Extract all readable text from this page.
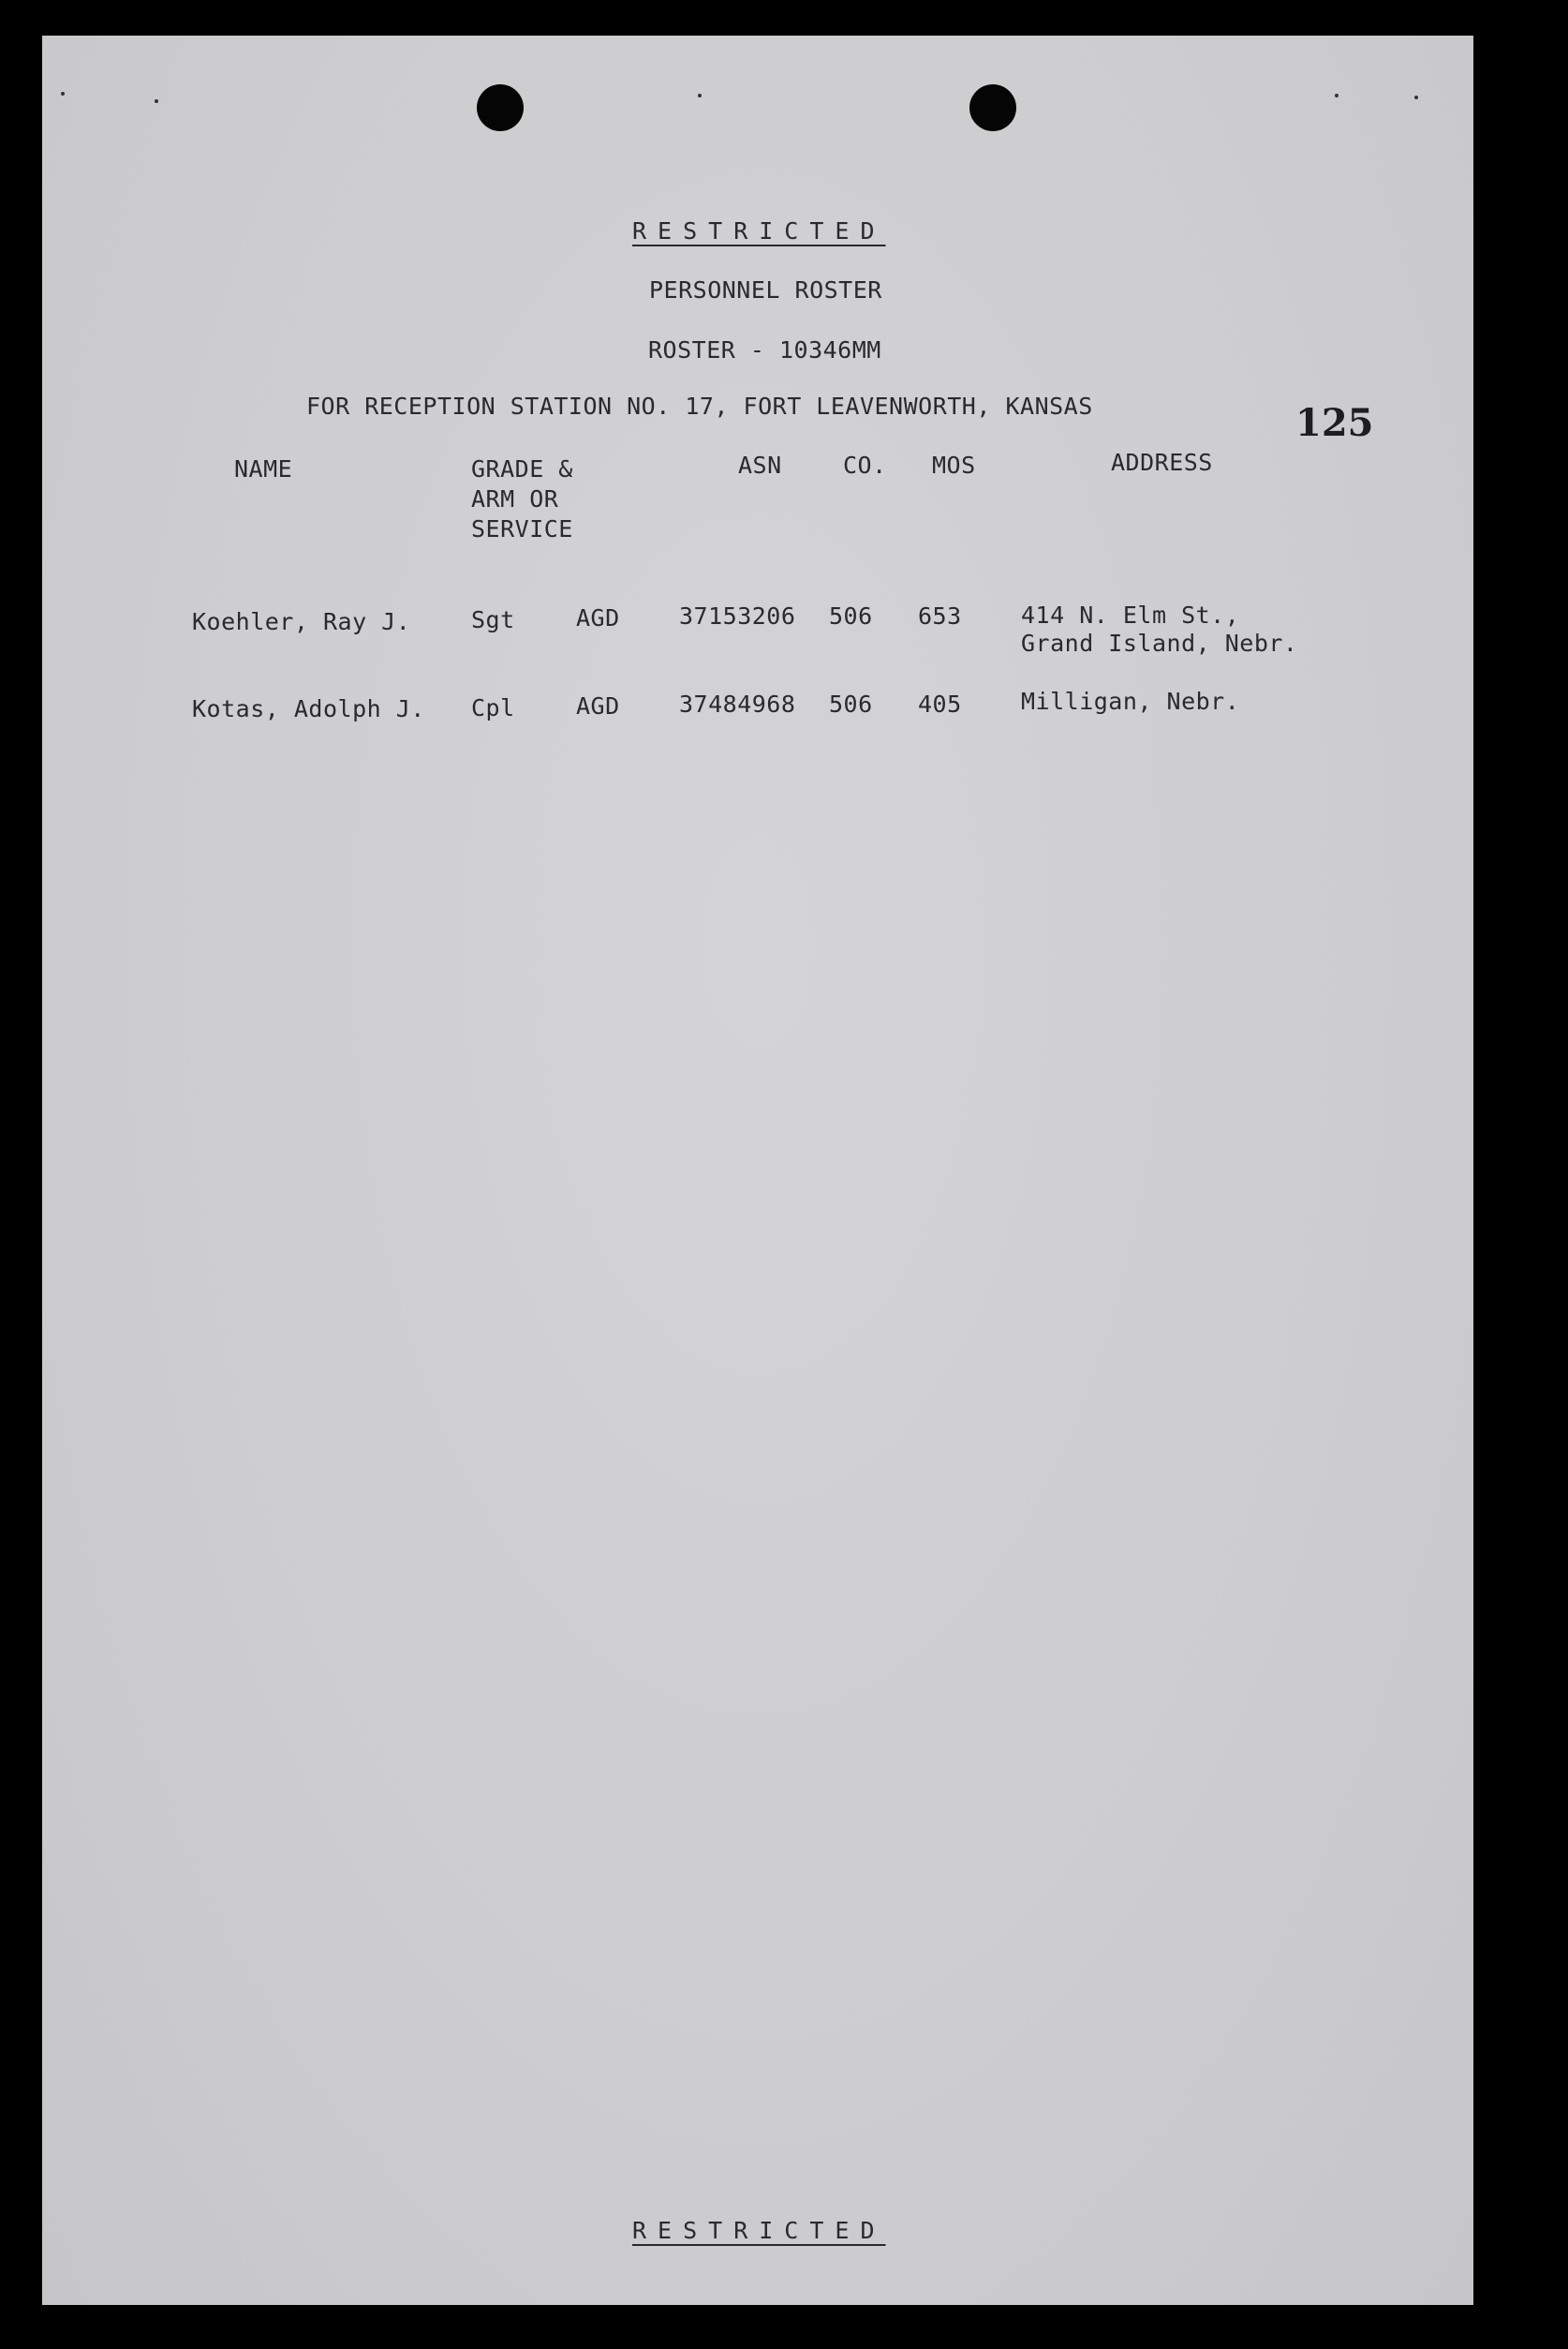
RESTRICTED
PERSONNEL ROSTER
ROSTER - 10346MM
FOR RECEPTION STATION NO. 17, FORT LEAVENWORTH, KANSAS	125
NAME	GRADE &
ARM OR
SERVICE
ASN	CO. MOS	ADDRESS
Koehler, Ray J.	Sgt	AGD	37153206 506 653	414 N. Elm St.,
Grand Island, Nebr.
Kotas, Adolph J. Cpl	AGD	37484968 506 405	Milligan, Nebr.
RESTRICTED
